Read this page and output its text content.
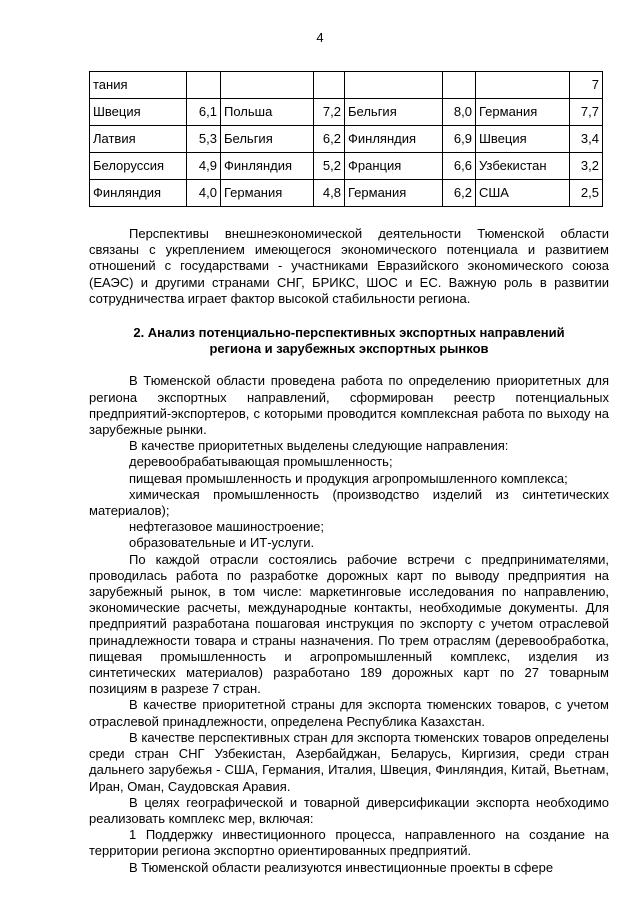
4
тания							7
Швеция	6,1	Польша	7,2	Бельгия	8,0	Германия	7,7
Латвия	5,3	Бельгия	6,2	Финляндия	6,9	Швеция	3,4
Белоруссия	4,9	Финляндия	5,2	Франция	6,6	Узбекистан	3,2
Финляндия	4,0	Германия	4,8	Германия	6,2	США	2,5

Перспективы внешнеэкономической деятельности Тюменской области связаны с укреплением имеющегося экономического потенциала и развитием отношений с государствами - участниками Евразийского экономического союза (ЕАЭС) и другими странами СНГ, БРИКС, ШОС и ЕС. Важную роль в развитии сотрудничества играет фактор высокой стабильности региона.

2. Анализ потенциально-перспективных экспортных направлений

региона и зарубежных экспортных рынков

В Тюменской области проведена работа по определению приоритетных для региона экспортных направлений, сформирован реестр потенциальных предприятий-экспортеров, с которыми проводится комплексная работа по выходу на зарубежные рынки.

В качестве приоритетных выделены следующие направления:

деревообрабатывающая промышленность;

пищевая промышленность и продукция агропромышленного комплекса;

химическая промышленность (производство изделий из синтетических материалов);

нефтегазовое машиностроение;

образовательные и ИТ-услуги.

По каждой отрасли состоялись рабочие встречи с предпринимателями, проводилась работа по разработке дорожных карт по выводу предприятия на зарубежный рынок, в том числе: маркетинговые исследования по направлению, экономические расчеты, международные контакты, необходимые документы. Для предприятий разработана пошаговая инструкция по экспорту с учетом отраслевой принадлежности товара и страны назначения. По трем отраслям (деревообработка, пищевая промышленность и агропромышленный комплекс, изделия из синтетических материалов) разработано 189 дорожных карт по 27 товарным позициям в разрезе 7 стран.

В качестве приоритетной страны для экспорта тюменских товаров, с учетом отраслевой принадлежности, определена Республика Казахстан.

В качестве перспективных стран для экспорта тюменских товаров определены среди стран СНГ Узбекистан, Азербайджан, Беларусь, Киргизия, среди стран дальнего зарубежья - США, Германия, Италия, Швеция, Финляндия, Китай, Вьетнам, Иран, Оман, Саудовская Аравия.

В целях географической и товарной диверсификации экспорта необходимо реализовать комплекс мер, включая:

1 Поддержку инвестиционного процесса, направленного на создание на территории региона экспортно ориентированных предприятий.

В Тюменской области реализуются инвестиционные проекты в сфере
